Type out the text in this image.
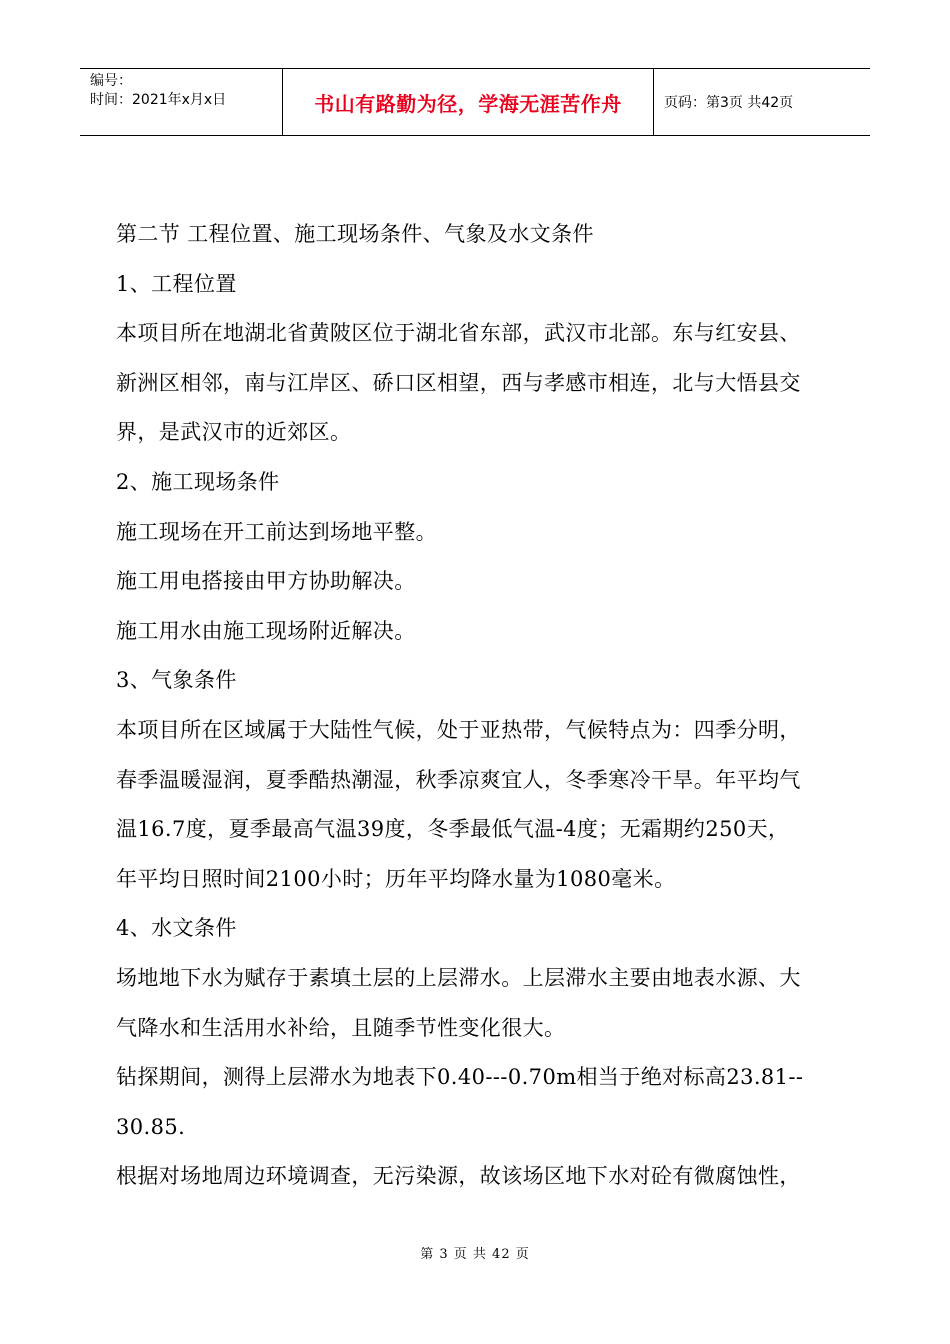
编号：
时间：2021年x月x日	书山有路勤为径，学海无涯苦作舟	页码：第3页 共42页
第二节 工程位置、施工现场条件、气象及水文条件
1、工程位置
本项目所在地湖北省黄陂区位于湖北省东部，武汉市北部。东与红安县、
新洲区相邻，南与江岸区、硚口区相望，西与孝感市相连，北与大悟县交
界，是武汉市的近郊区。
2、施工现场条件
施工现场在开工前达到场地平整。
施工用电搭接由甲方协助解决。
施工用水由施工现场附近解决。
3、气象条件
本项目所在区域属于大陆性气候，处于亚热带，气候特点为：四季分明，
春季温暖湿润，夏季酷热潮湿，秋季凉爽宜人，冬季寒冷干旱。年平均气
温16.7度，夏季最高气温39度，冬季最低气温-4度；无霜期约250天，
年平均日照时间2100小时；历年平均降水量为1080毫米。
4、水文条件
场地地下水为赋存于素填土层的上层滞水。上层滞水主要由地表水源、大
气降水和生活用水补给，且随季节性变化很大。
钻探期间，测得上层滞水为地表下0.40---0.70m相当于绝对标高23.81--
30.85.
根据对场地周边环境调查，无污染源，故该场区地下水对砼有微腐蚀性，
第 3 页 共 42 页
